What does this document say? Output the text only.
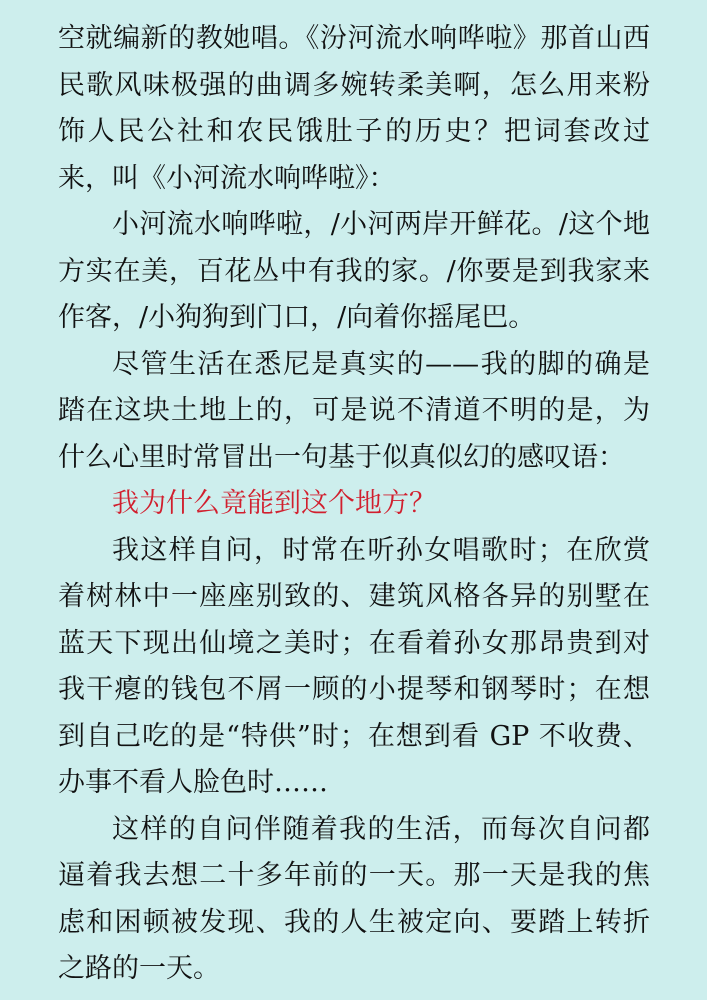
空就编新的教她唱。《汾河流水响哗啦》那首山西民歌风味极强的曲调多婉转柔美啊，怎么用来粉饰人民公社和农民饿肚子的历史？把词套改过来，叫《小河流水响哗啦》：

小河流水响哗啦，/小河两岸开鲜花。/这个地方实在美，百花丛中有我的家。/你要是到我家来作客，/小狗狗到门口，/向着你摇尾巴。

尽管生活在悉尼是真实的——我的脚的确是踏在这块土地上的，可是说不清道不明的是，为什么心里时常冒出一句基于似真似幻的感叹语：

我为什么竟能到这个地方？

我这样自问，时常在听孙女唱歌时；在欣赏着树林中一座座别致的、建筑风格各异的别墅在蓝天下现出仙境之美时；在看着孙女那昂贵到对我干瘪的钱包不屑一顾的小提琴和钢琴时；在想到自己吃的是“特供”时；在想到看 GP 不收费、办事不看人脸色时……

这样的自问伴随着我的生活，而每次自问都逼着我去想二十多年前的一天。那一天是我的焦虑和困顿被发现、我的人生被定向、要踏上转折之路的一天。
